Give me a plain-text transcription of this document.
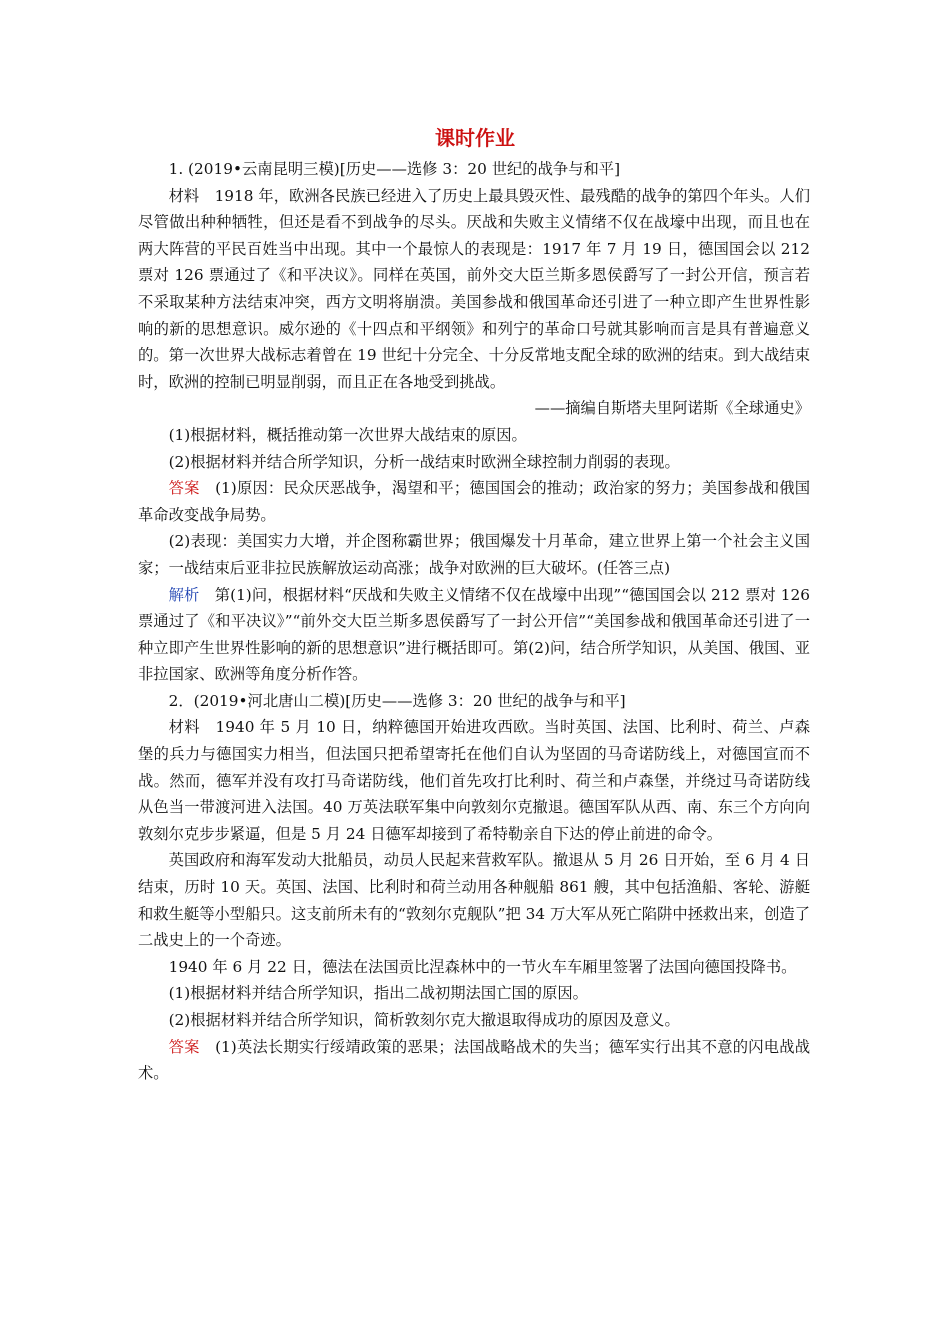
课时作业

1. (2019•云南昆明三模)[历史——选修 3：20 世纪的战争与和平]

材料　1918 年，欧洲各民族已经进入了历史上最具毁灭性、最残酷的战争的第四个年头。人们尽管做出种种牺牲，但还是看不到战争的尽头。厌战和失败主义情绪不仅在战壕中出现，而且也在两大阵营的平民百姓当中出现。其中一个最惊人的表现是：1917 年 7 月 19 日，德国国会以 212 票对 126 票通过了《和平决议》。同样在英国，前外交大臣兰斯多恩侯爵写了一封公开信，预言若不采取某种方法结束冲突，西方文明将崩溃。美国参战和俄国革命还引进了一种立即产生世界性影响的新的思想意识。威尔逊的《十四点和平纲领》和列宁的革命口号就其影响而言是具有普遍意义的。第一次世界大战标志着曾在 19 世纪十分完全、十分反常地支配全球的欧洲的结束。到大战结束时，欧洲的控制已明显削弱，而且正在各地受到挑战。

——摘编自斯塔夫里阿诺斯《全球通史》

(1)根据材料，概括推动第一次世界大战结束的原因。

(2)根据材料并结合所学知识，分析一战结束时欧洲全球控制力削弱的表现。

答案　(1)原因：民众厌恶战争，渴望和平；德国国会的推动；政治家的努力；美国参战和俄国革命改变战争局势。

(2)表现：美国实力大增，并企图称霸世界；俄国爆发十月革命，建立世界上第一个社会主义国家；一战结束后亚非拉民族解放运动高涨；战争对欧洲的巨大破坏。(任答三点)

解析　第(1)问，根据材料“厌战和失败主义情绪不仅在战壕中出现”“德国国会以 212 票对 126 票通过了《和平决议》”“前外交大臣兰斯多恩侯爵写了一封公开信”“美国参战和俄国革命还引进了一种立即产生世界性影响的新的思想意识”进行概括即可。第(2)问，结合所学知识，从美国、俄国、亚非拉国家、欧洲等角度分析作答。

2．(2019•河北唐山二模)[历史——选修 3：20 世纪的战争与和平]

材料　1940 年 5 月 10 日，纳粹德国开始进攻西欧。当时英国、法国、比利时、荷兰、卢森堡的兵力与德国实力相当，但法国只把希望寄托在他们自认为坚固的马奇诺防线上，对德国宣而不战。然而，德军并没有攻打马奇诺防线，他们首先攻打比利时、荷兰和卢森堡，并绕过马奇诺防线从色当一带渡河进入法国。40 万英法联军集中向敦刻尔克撤退。德国军队从西、南、东三个方向向敦刻尔克步步紧逼，但是 5 月 24 日德军却接到了希特勒亲自下达的停止前进的命令。

英国政府和海军发动大批船员，动员人民起来营救军队。撤退从 5 月 26 日开始，至 6 月 4 日结束，历时 10 天。英国、法国、比利时和荷兰动用各种舰船 861 艘，其中包括渔船、客轮、游艇和救生艇等小型船只。这支前所未有的“敦刻尔克舰队”把 34 万大军从死亡陷阱中拯救出来，创造了二战史上的一个奇迹。

1940 年 6 月 22 日，德法在法国贡比涅森林中的一节火车车厢里签署了法国向德国投降书。

(1)根据材料并结合所学知识，指出二战初期法国亡国的原因。

(2)根据材料并结合所学知识，简析敦刻尔克大撤退取得成功的原因及意义。

答案　(1)英法长期实行绥靖政策的恶果；法国战略战术的失当；德军实行出其不意的闪电战战术。
